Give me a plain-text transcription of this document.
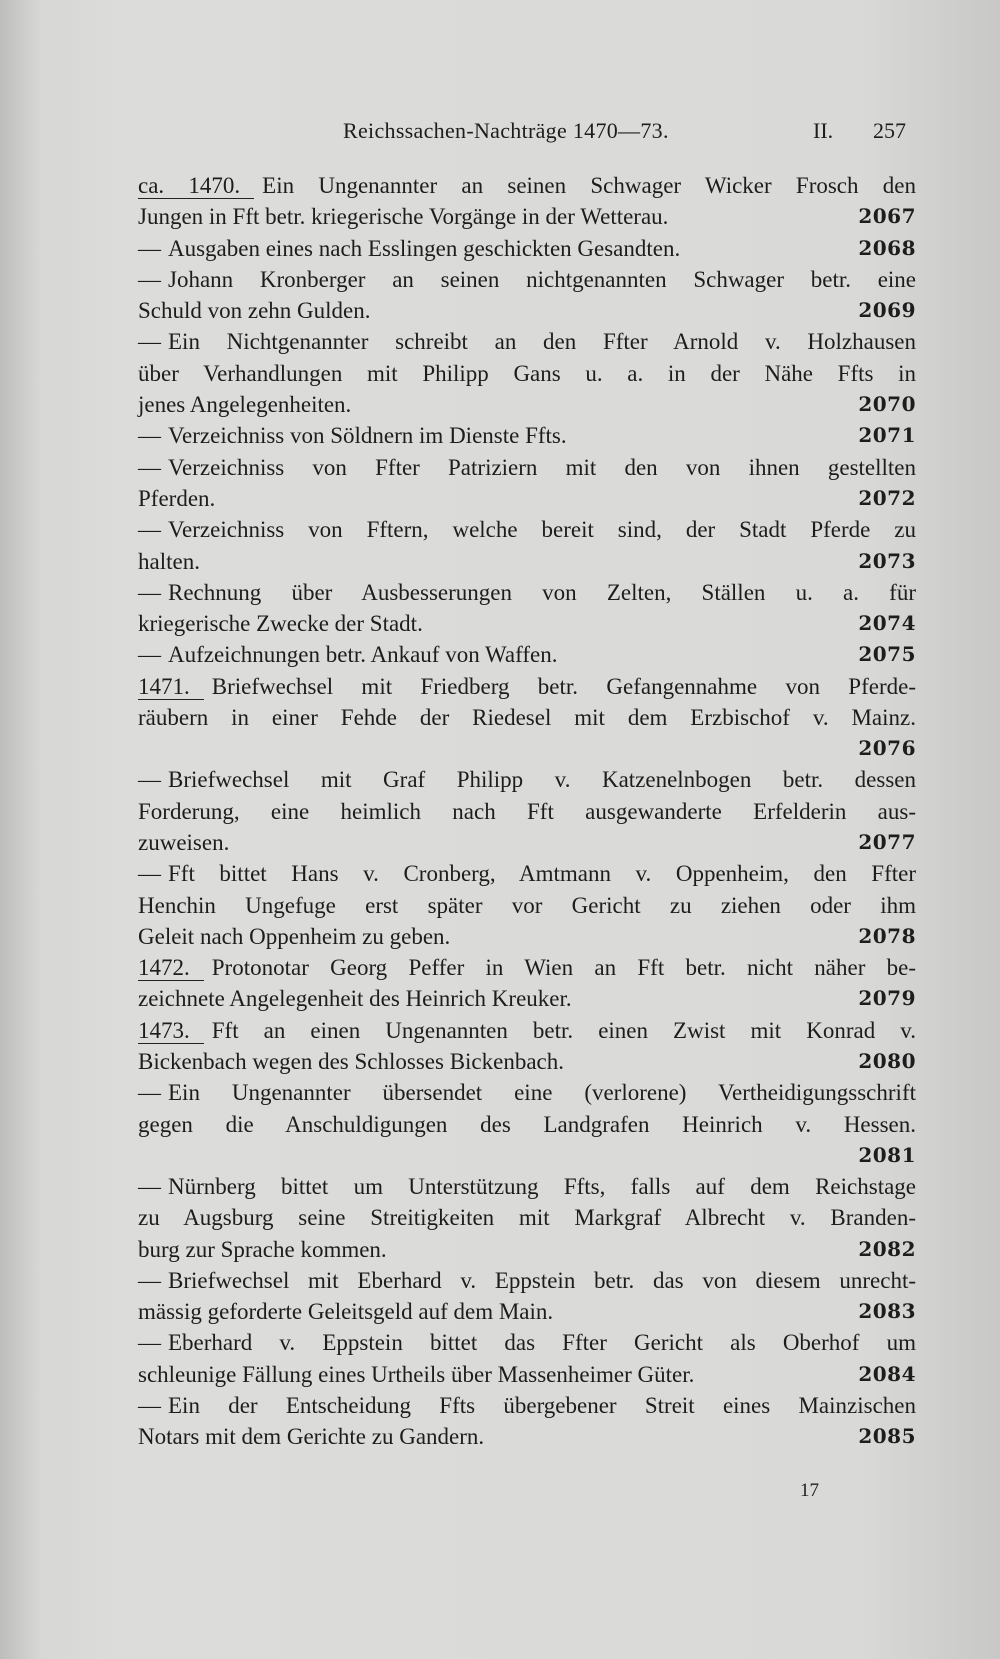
Reichssachen-Nachträge 1470—73.	II. 257
ca. 1470. Ein Ungenannter an seinen Schwager Wicker Frosch den
Jungen in Fft betr. kriegerische Vorgänge in der Wetterau.	2067
— Ausgaben eines nach Esslingen geschickten Gesandten.	2068
— Johann Kronberger an seinen nichtgenannten Schwager betr. eine
Schuld von zehn Gulden.	2069
— Ein Nichtgenannter schreibt an den Ffter Arnold v. Holzhausen
über Verhandlungen mit Philipp Gans u. a. in der Nähe Ffts in
jenes Angelegenheiten.	2070
— Verzeichniss von Söldnern im Dienste Ffts.	2071
— Verzeichniss von Ffter Patriziern mit den von ihnen gestellten
Pferden.	2072
— Verzeichniss von Fftern, welche bereit sind, der Stadt Pferde zu
halten.	2073
— Rechnung über Ausbesserungen von Zelten, Ställen u. a. für
kriegerische Zwecke der Stadt.	2074
— Aufzeichnungen betr. Ankauf von Waffen.	2075
1471. Briefwechsel mit Friedberg betr. Gefangennahme von Pferde-
räubern in einer Fehde der Riedesel mit dem Erzbischof v. Mainz.
2076
— Briefwechsel mit Graf Philipp v. Katzenelnbogen betr. dessen
Forderung, eine heimlich nach Fft ausgewanderte Erfelderin aus-
zuweisen.	2077
— Fft bittet Hans v. Cronberg, Amtmann v. Oppenheim, den Ffter
Henchin Ungefuge erst später vor Gericht zu ziehen oder ihm
Geleit nach Oppenheim zu geben.	2078
1472. Protonotar Georg Peffer in Wien an Fft betr. nicht näher be-
zeichnete Angelegenheit des Heinrich Kreuker.	2079
1473. Fft an einen Ungenannten betr. einen Zwist mit Konrad v.
Bickenbach wegen des Schlosses Bickenbach.	2080
— Ein Ungenannter übersendet eine (verlorene) Vertheidigungsschrift
gegen die Anschuldigungen des Landgrafen Heinrich v. Hessen.
2081
— Nürnberg bittet um Unterstützung Ffts, falls auf dem Reichstage
zu Augsburg seine Streitigkeiten mit Markgraf Albrecht v. Branden-
burg zur Sprache kommen.	2082
— Briefwechsel mit Eberhard v. Eppstein betr. das von diesem unrecht-
mässig geforderte Geleitsgeld auf dem Main.	2083
— Eberhard v. Eppstein bittet das Ffter Gericht als Oberhof um
schleunige Fällung eines Urtheils über Massenheimer Güter.	2084
— Ein der Entscheidung Ffts übergebener Streit eines Mainzischen
Notars mit dem Gerichte zu Gandern.	2085
17
